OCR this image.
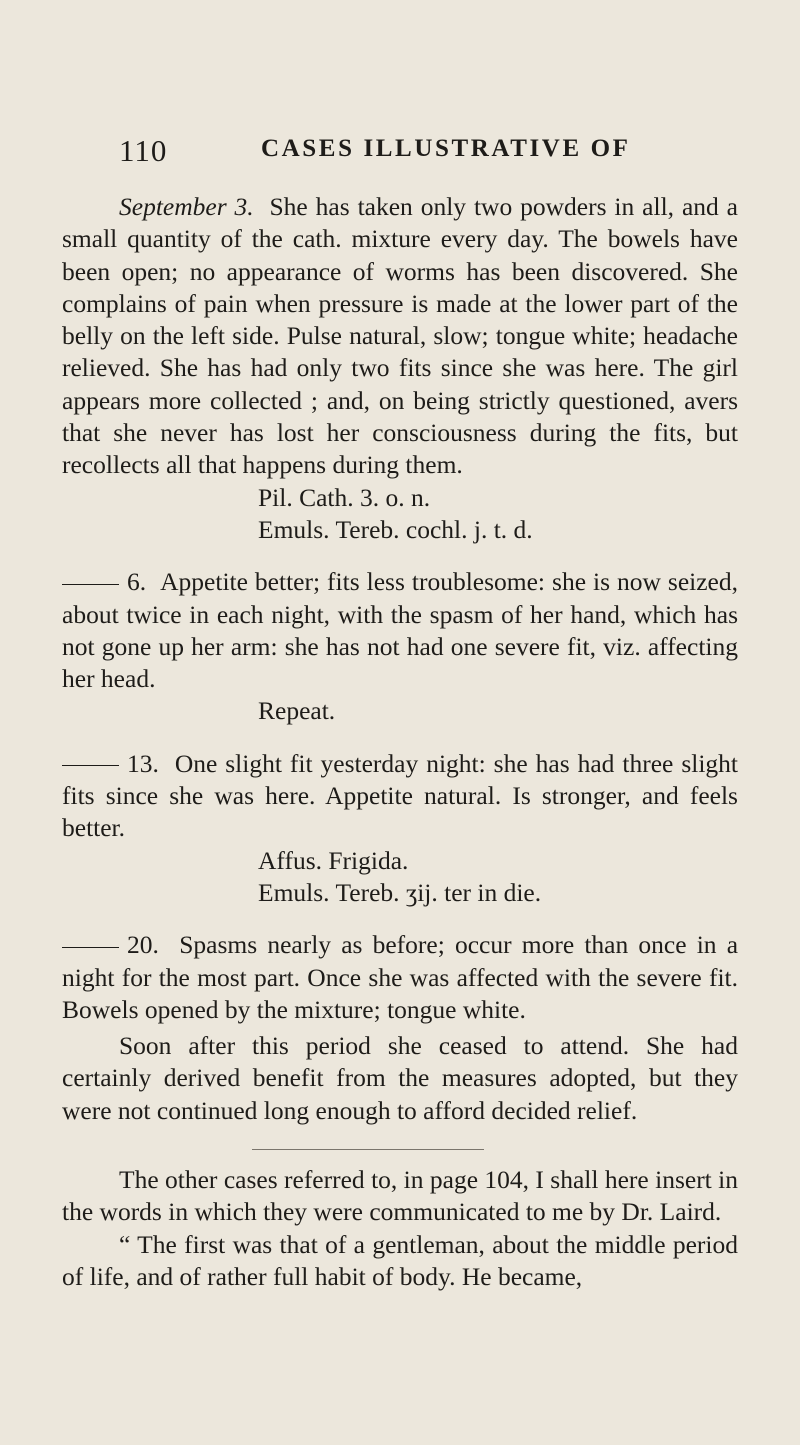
110	CASES ILLUSTRATIVE OF

September 3. She has taken only two powders in all, and a small quantity of the cath. mixture every day. The bowels have been open; no appearance of worms has been discovered. She complains of pain when pressure is made at the lower part of the belly on the left side. Pulse natural, slow; tongue white; headache relieved. She has had only two fits since she was here. The girl appears more collected ; and, on being strictly questioned, avers that she never has lost her consciousness during the fits, but recollects all that happens during them.

Pil. Cath. 3. o. n.

Emuls. Tereb. cochl. j. t. d.

6. Appetite better; fits less troublesome: she is now seized, about twice in each night, with the spasm of her hand, which has not gone up her arm: she has not had one severe fit, viz. affecting her head.

Repeat.

13. One slight fit yesterday night: she has had three slight fits since she was here. Appetite natural. Is stronger, and feels better.

Affus. Frigida.

Emuls. Tereb. ʒij. ter in die.

20. Spasms nearly as before; occur more than once in a night for the most part. Once she was affected with the severe fit. Bowels opened by the mixture; tongue white.

Soon after this period she ceased to attend. She had certainly derived benefit from the measures adopted, but they were not continued long enough to afford decided relief.

The other cases referred to, in page 104, I shall here insert in the words in which they were communicated to me by Dr. Laird.

“ The first was that of a gentleman, about the middle period of life, and of rather full habit of body. He became,
